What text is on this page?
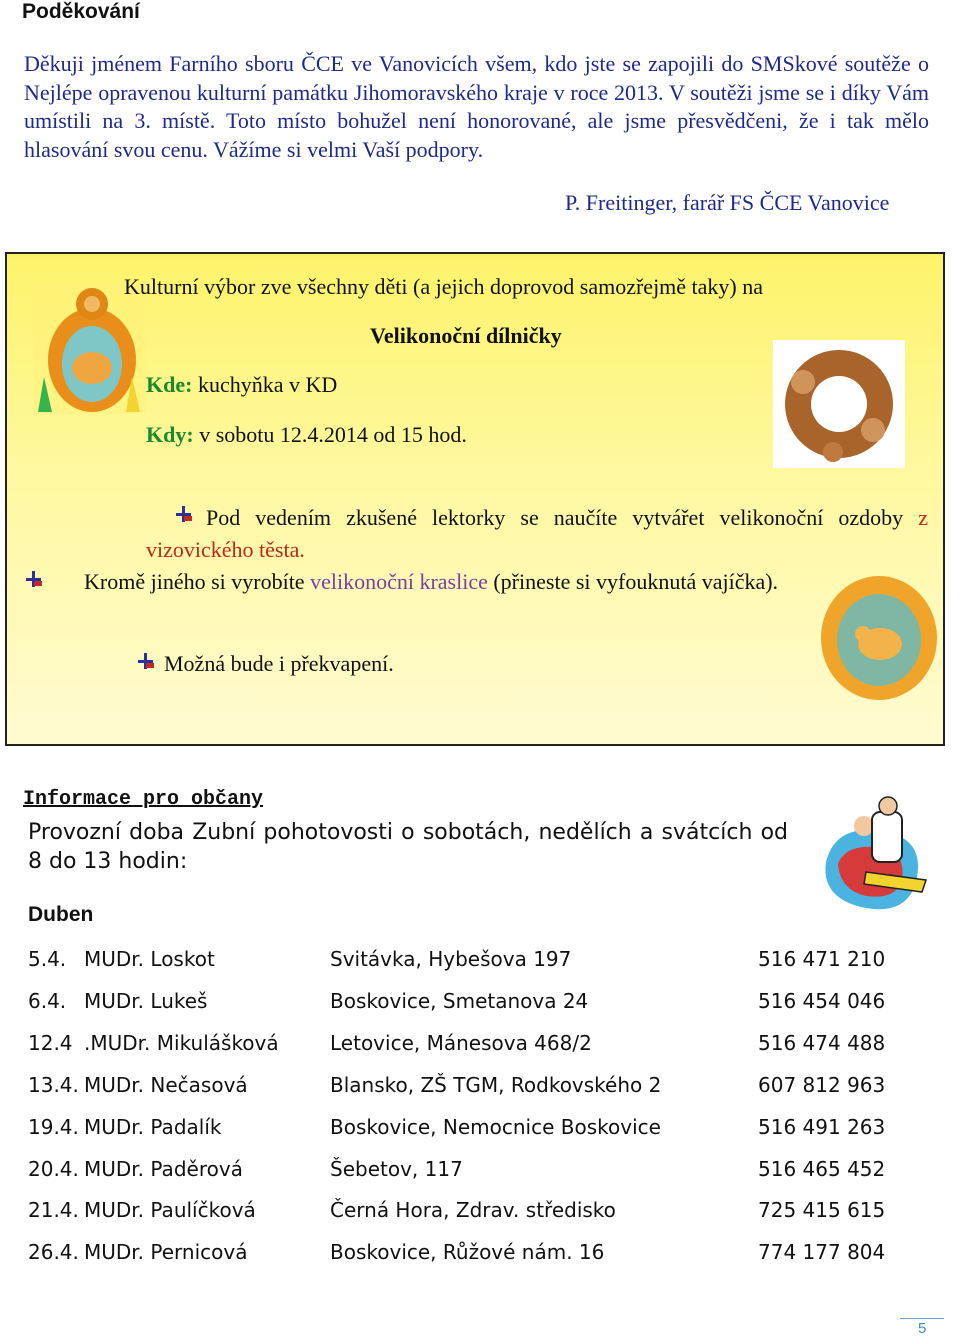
Poděkování
Děkuji jménem Farního sboru ČCE ve Vanovicích všem, kdo jste se zapojili do SMSkové soutěže o Nejlépe opravenou kulturní památku Jihomoravského kraje v roce 2013. V soutěži jsme se i díky Vám umístili na 3. místě. Toto místo bohužel není honorované, ale jsme přesvědčeni, že i tak mělo hlasování svou cenu. Vážíme si velmi Vaší podpory.
P. Freitinger, farář FS ČCE Vanovice
Kulturní výbor zve všechny děti (a jejich doprovod samozřejmě taky) na
Velikonoční dílničky
Kde: kuchyňka v KD
Kdy: v sobotu 12.4.2014 od 15 hod.
Pod vedením zkušené lektorky se naučíte vytvářet velikonoční ozdoby z vizovického těsta.
Kromě jiného si vyrobíte velikonoční kraslice (přineste si vyfouknutá vajíčka).
Možná bude i překvapení.
Informace pro občany
Provozní doba Zubní pohotovosti o sobotách, nedělích a svátcích od 8 do 13 hodin:
Duben
5.4. MUDr. Loskot	Svitávka, Hybešova 197	516 471 210
6.4. MUDr. Lukeš	Boskovice, Smetanova 24	516 454 046
12.4 .MUDr. Mikulášková	Letovice, Mánesova 468/2	516 474 488
13.4. MUDr. Nečasová	Blansko, ZŠ TGM, Rodkovského 2	607 812 963
19.4. MUDr. Padalík	Boskovice, Nemocnice Boskovice	516 491 263
20.4. MUDr. Paděrová	Šebetov, 117	516 465 452
21.4. MUDr. Paulíčková	Černá Hora, Zdrav. středisko	725 415 615
26.4. MUDr. Pernicová	Boskovice, Růžové nám. 16	774 177 804
5
